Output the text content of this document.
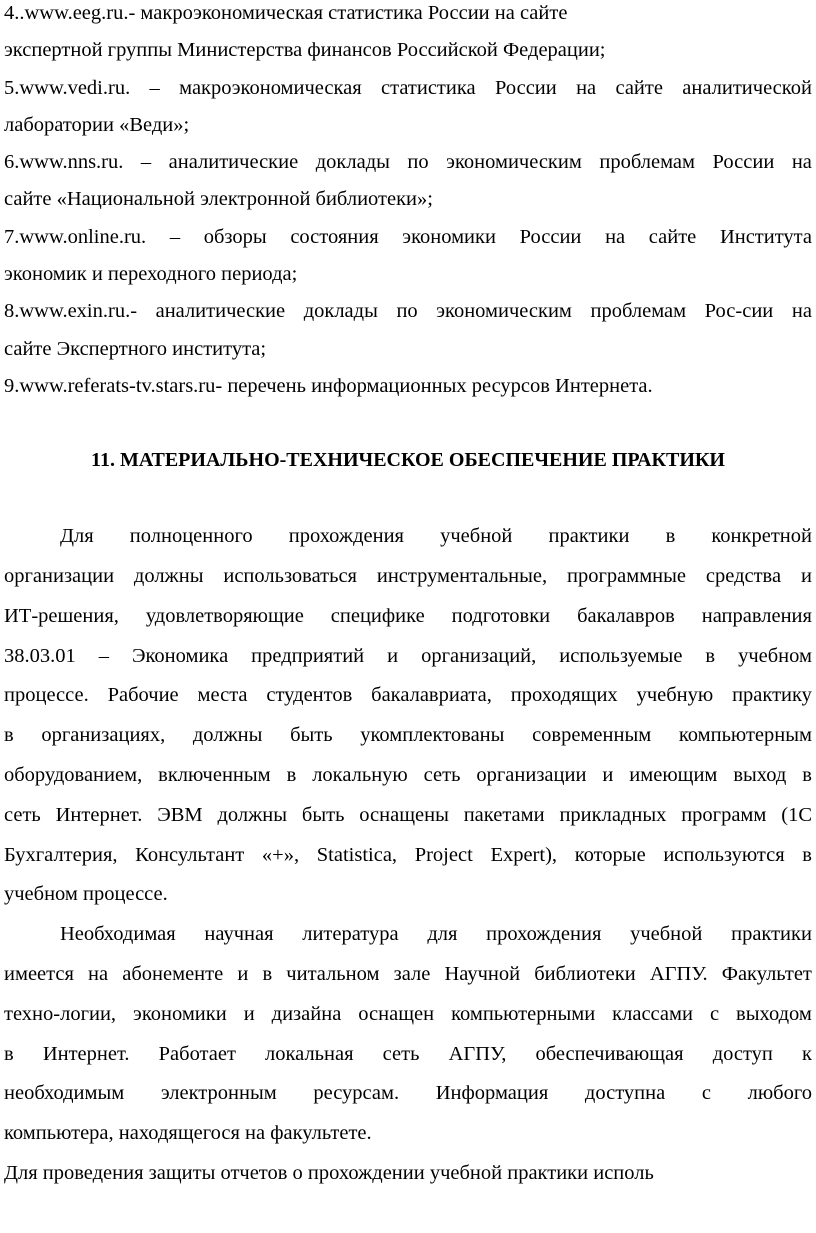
4..www.eeg.ru.- макроэкономическая статистика России на сайте
экспертной группы Министерства финансов Российской Федерации;
5.www.vedi.ru. – макроэкономическая статистика России на сайте аналитической
лаборатории «Веди»;
6.www.nns.ru. – аналитические доклады по экономическим проблемам России на
сайте «Национальной электронной библиотеки»;
7.www.online.ru. – обзоры состояния экономики России на сайте Института
экономик и переходного периода;
8.www.exin.ru.- аналитические доклады по экономическим проблемам Рос-сии на
сайте Экспертного института;
9.www.referats-tv.stars.ru- перечень информационных ресурсов Интернета.
11. МАТЕРИАЛЬНО-ТЕХНИЧЕСКОЕ ОБЕСПЕЧЕНИЕ ПРАКТИКИ
Для полноценного прохождения учебной практики в конкретной
организации должны использоваться инструментальные, программные средства и
ИТ-решения, удовлетворяющие специфике подготовки бакалавров направления
38.03.01 – Экономика предприятий и организаций, используемые в учебном
процессе. Рабочие места студентов бакалавриата, проходящих учебную практику
в организациях, должны быть укомплектованы современным компьютерным
оборудованием, включенным в локальную сеть организации и имеющим выход в
сеть Интернет. ЭВМ должны быть оснащены пакетами прикладных программ (1С
Бухгалтерия, Консультант «+», Statistica, Project Expert), которые используются в
учебном процессе.
Необходимая научная литература для прохождения учебной практики
имеется на абонементе и в читальном зале Научной библиотеки АГПУ. Факультет
техно-логии, экономики и дизайна оснащен компьютерными классами с выходом
в Интернет. Работает локальная сеть АГПУ, обеспечивающая доступ к
необходимым электронным ресурсам. Информация доступна с любого
компьютера, находящегося на факультете.
Для проведения защиты отчетов о прохождении учебной практики исполь
